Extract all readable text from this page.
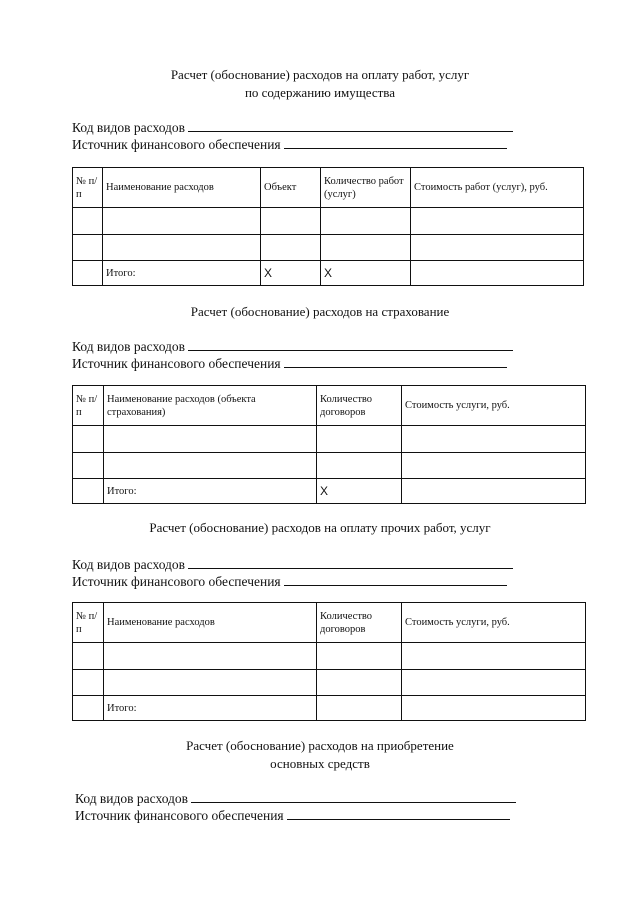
Расчет (обоснование) расходов на оплату работ, услуг
по содержанию имущества
Код видов расходов
Источник финансового обеспечения
№ п/п	Наименование расходов	Объект	Количество работ (услуг)	Стоимость работ (услуг), руб.

	Итого:	X	X	
Расчет (обоснование) расходов на страхование
Код видов расходов
Источник финансового обеспечения
№ п/п	Наименование расходов (объекта страхования)	Количество договоров	Стоимость услуги, руб.

	Итого:	X	
Расчет (обоснование) расходов на оплату прочих работ, услуг
Код видов расходов
Источник финансового обеспечения
№ п/п	Наименование расходов	Количество договоров	Стоимость услуги, руб.

	Итого:		
Расчет (обоснование) расходов на приобретение
основных средств
Код видов расходов
Источник финансового обеспечения
